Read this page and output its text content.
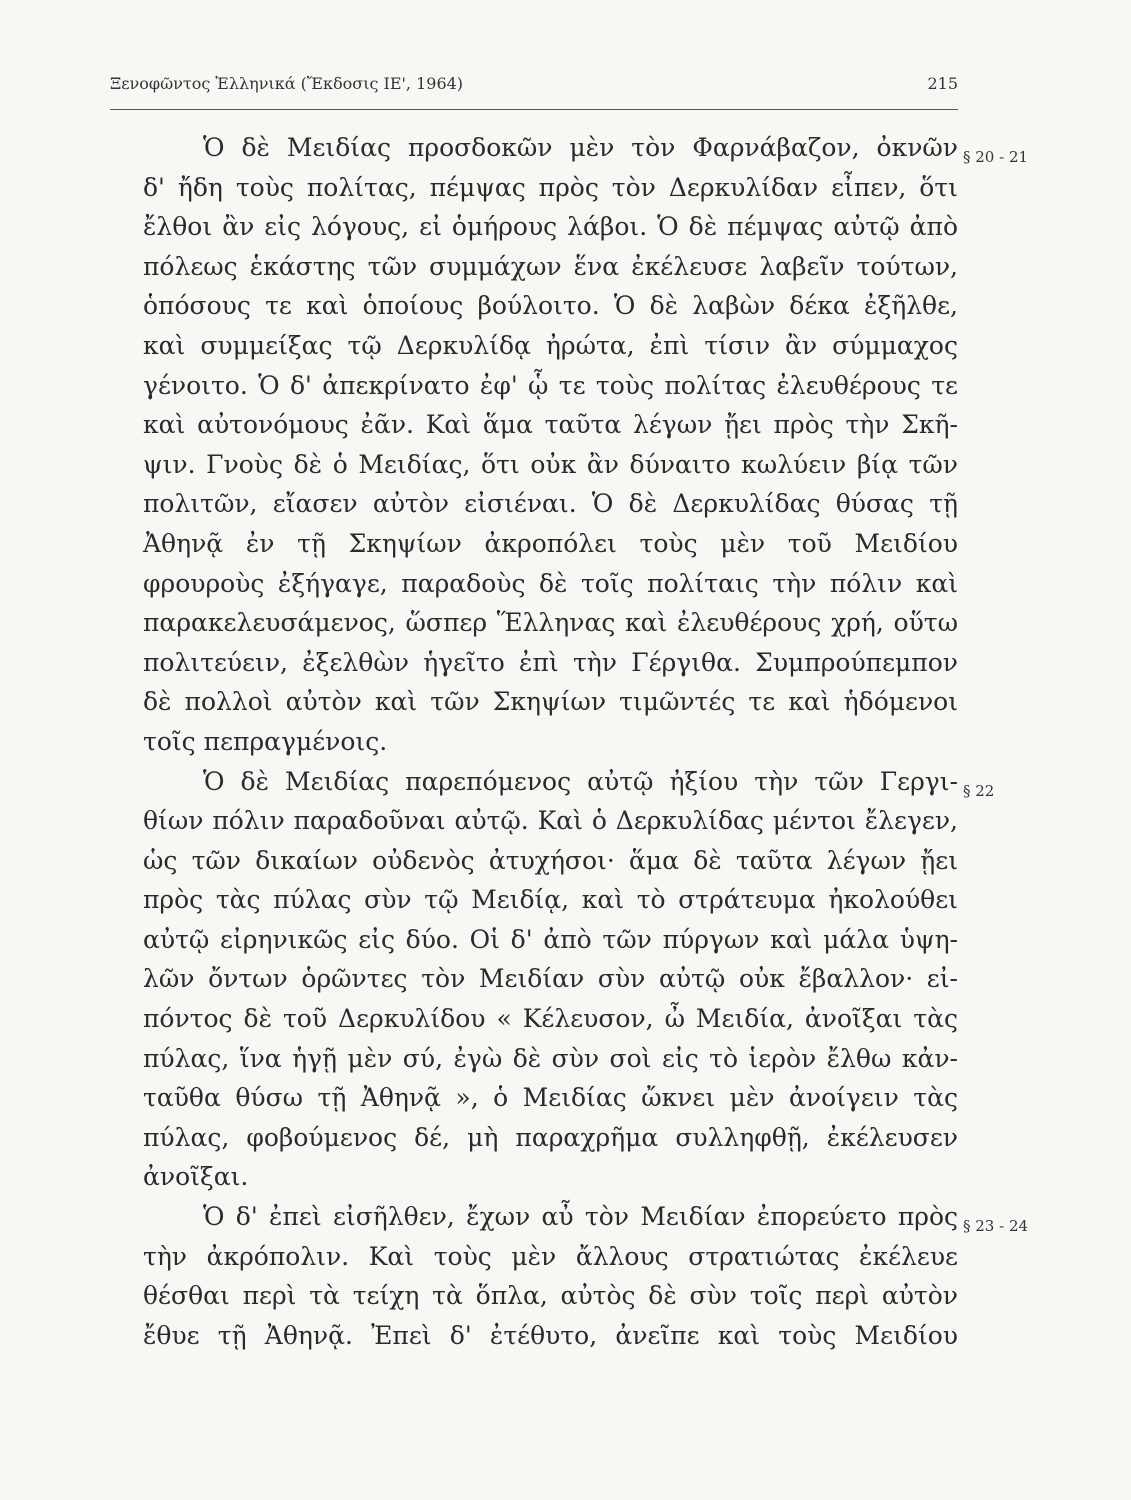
Ξενοφῶντος Ἑλληνικά (Ἔκδοσις ΙΕ', 1964)	215
§ 20 - 21
§ 22
§ 23 - 24
Ὁ δὲ Μειδίας προσδοκῶν μὲν τὸν Φαρνάβαζον, ὀκνῶν
δ' ἤδη τοὺς πολίτας, πέμψας πρὸς τὸν Δερκυλίδαν εἶπεν, ὅτι
ἔλθοι ἂν εἰς λόγους, εἰ ὁμήρους λάβοι. Ὁ δὲ πέμψας αὐτῷ ἀπὸ
πόλεως ἑκάστης τῶν συμμάχων ἕνα ἐκέλευσε λαβεῖν τούτων,
ὁπόσους τε καὶ ὁποίους βούλοιτο. Ὁ δὲ λαβὼν δέκα ἐξῆλθε,
καὶ συμμείξας τῷ Δερκυλίδᾳ ἠρώτα, ἐπὶ τίσιν ἂν σύμμαχος
γένοιτο. Ὁ δ' ἀπεκρίνατο ἐφ' ᾧ τε τοὺς πολίτας ἐλευθέρους τε
καὶ αὐτονόμους ἐᾶν. Καὶ ἅμα ταῦτα λέγων ᾔει πρὸς τὴν Σκῆ-
ψιν. Γνοὺς δὲ ὁ Μειδίας, ὅτι οὐκ ἂν δύναιτο κωλύειν βίᾳ τῶν
πολιτῶν, εἴασεν αὐτὸν εἰσιέναι. Ὁ δὲ Δερκυλίδας θύσας τῇ
Ἀθηνᾷ ἐν τῇ Σκηψίων ἀκροπόλει τοὺς μὲν τοῦ Μειδίου
φρουροὺς ἐξήγαγε, παραδοὺς δὲ τοῖς πολίταις τὴν πόλιν καὶ
παρακελευσάμενος, ὥσπερ Ἕλληνας καὶ ἐλευθέρους χρή, οὕτω
πολιτεύειν, ἐξελθὼν ἡγεῖτο ἐπὶ τὴν Γέργιθα. Συμπρούπεμπον
δὲ πολλοὶ αὐτὸν καὶ τῶν Σκηψίων τιμῶντές τε καὶ ἡδόμενοι
τοῖς πεπραγμένοις.
Ὁ δὲ Μειδίας παρεπόμενος αὐτῷ ἠξίου τὴν τῶν Γεργι-
θίων πόλιν παραδοῦναι αὐτῷ. Καὶ ὁ Δερκυλίδας μέντοι ἔλεγεν,
ὡς τῶν δικαίων οὐδενὸς ἀτυχήσοι· ἅμα δὲ ταῦτα λέγων ᾔει
πρὸς τὰς πύλας σὺν τῷ Μειδίᾳ, καὶ τὸ στράτευμα ἠκολούθει
αὐτῷ εἰρηνικῶς εἰς δύο. Οἱ δ' ἀπὸ τῶν πύργων καὶ μάλα ὑψη-
λῶν ὄντων ὁρῶντες τὸν Μειδίαν σὺν αὐτῷ οὐκ ἔβαλλον· εἰ-
πόντος δὲ τοῦ Δερκυλίδου « Κέλευσον, ὦ Μειδία, ἀνοῖξαι τὰς
πύλας, ἵνα ἡγῇ μὲν σύ, ἐγὼ δὲ σὺν σοὶ εἰς τὸ ἱερὸν ἔλθω κἀν-
ταῦθα θύσω τῇ Ἀθηνᾷ », ὁ Μειδίας ὤκνει μὲν ἀνοίγειν τὰς
πύλας, φοβούμενος δέ, μὴ παραχρῆμα συλληφθῇ, ἐκέλευσεν
ἀνοῖξαι.
Ὁ δ' ἐπεὶ εἰσῆλθεν, ἔχων αὖ τὸν Μειδίαν ἐπορεύετο πρὸς
τὴν ἀκρόπολιν. Καὶ τοὺς μὲν ἄλλους στρατιώτας ἐκέλευε
θέσθαι περὶ τὰ τείχη τὰ ὅπλα, αὐτὸς δὲ σὺν τοῖς περὶ αὐτὸν
ἔθυε τῇ Ἀθηνᾷ. Ἐπεὶ δ' ἐτέθυτο, ἀνεῖπε καὶ τοὺς Μειδίου
